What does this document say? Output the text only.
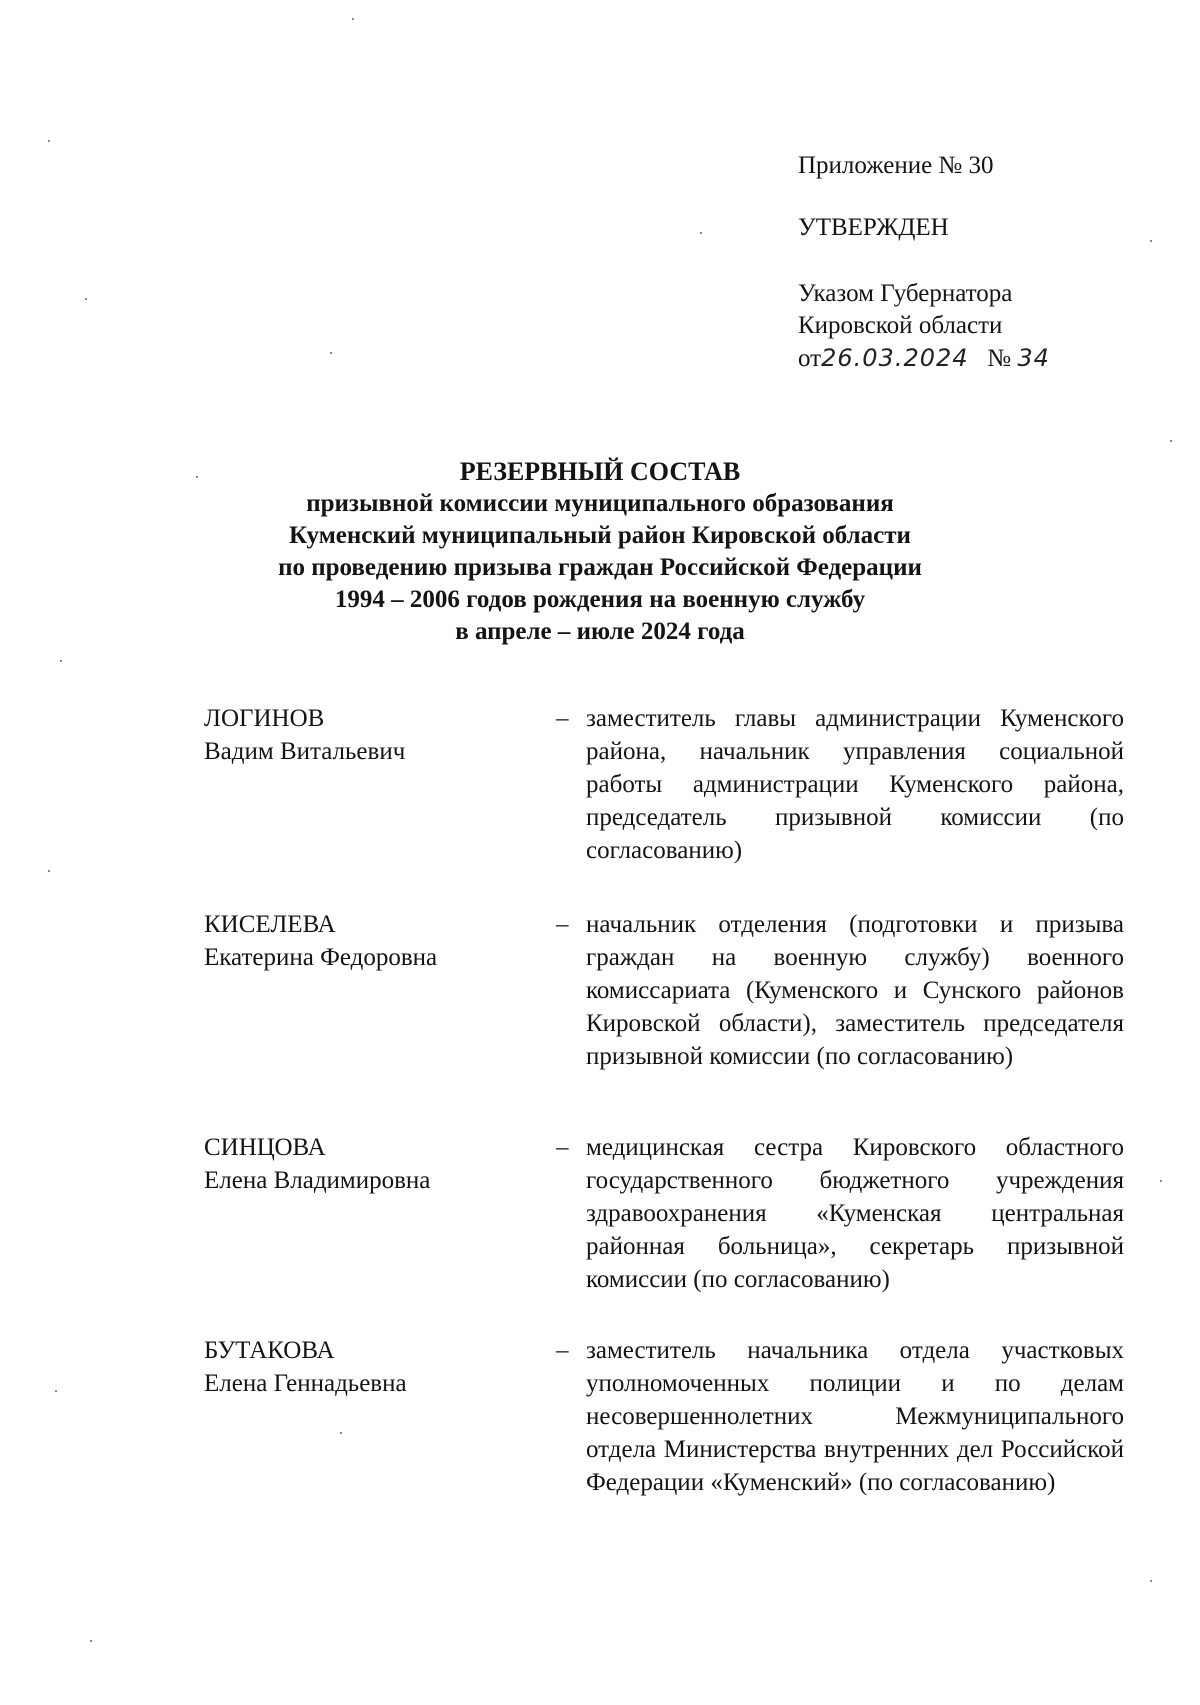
Приложение № 30
УТВЕРЖДЕН
Указом Губернатора
Кировской области
от26.03.2024 № 34
РЕЗЕРВНЫЙ СОСТАВ
призывной комиссии муниципального образования
Куменский муниципальный район Кировской области
по проведению призыва граждан Российской Федерации
1994 – 2006 годов рождения на военную службу
в апреле – июле 2024 года
ЛОГИНОВ
Вадим Витальевич
– заместитель главы администрации Куменского района, начальник управления социальной работы администрации Куменского района, председатель призывной комиссии (по согласованию)
КИСЕЛЕВА
Екатерина Федоровна
– начальник отделения (подготовки и призыва граждан на военную службу) военного комиссариата (Куменского и Сунского районов Кировской области), заместитель председателя призывной комиссии (по согласованию)
СИНЦОВА
Елена Владимировна
– медицинская сестра Кировского областного государственного бюджетного учреждения здравоохранения «Куменская центральная районная больница», секретарь призывной комиссии (по согласованию)
БУТАКОВА
Елена Геннадьевна
– заместитель начальника отдела участковых уполномоченных полиции и по делам несовершеннолетних Межмуниципального отдела Министерства внутренних дел Российской Федерации «Куменский» (по согласованию)
